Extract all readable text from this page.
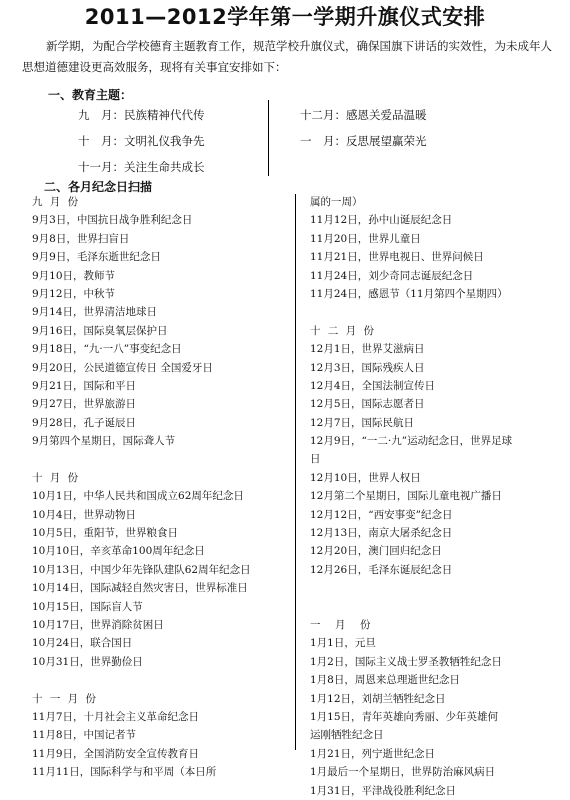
2011—2012学年第一学期升旗仪式安排
新学期，为配合学校德育主题教育工作，规范学校升旗仪式，确保国旗下讲话的实效性，为未成年人思想道德建设更高效服务，现将有关事宜安排如下：
一、教育主题：
九　月：民族精神代代传
十　月：文明礼仪我争先
十一月：关注生命共成长
十二月：感恩关爱品温暖
一　月：反思展望赢荣光
二、各月纪念日扫描
九 月 份
9月3日，中国抗日战争胜利纪念日
9月8日，世界扫盲日
9月9日，毛泽东逝世纪念日
9月10日，教师节
9月12日，中秋节
9月14日，世界清洁地球日
9月16日，国际臭氧层保护日
9月18日，“九·一八”事变纪念日
9月20日，公民道德宣传日 全国爱牙日
9月21日，国际和平日
9月27日，世界旅游日
9月28日，孔子诞辰日
9月第四个星期日，国际聋人节
十 月 份
10月1日，中华人民共和国成立62周年纪念日
10月4日，世界动物日
10月5日，重阳节，世界粮食日
10月10日，辛亥革命100周年纪念日
10月13日，中国少年先锋队建队62周年纪念日
10月14日，国际减轻自然灾害日，世界标准日
10月15日，国际盲人节
10月17日，世界消除贫困日
10月24日，联合国日
10月31日，世界勤俭日
十 一 月 份
11月7日，十月社会主义革命纪念日
11月8日，中国记者节
11月9日，全国消防安全宣传教育日
11月11日，国际科学与和平周（本日所
属的一周）
11月12日，孙中山诞辰纪念日
11月20日，世界儿童日
11月21日，世界电视日、世界问候日
11月24日，刘少奇同志诞辰纪念日
11月24日，感恩节（11月第四个星期四）
十 二 月 份
12月1日，世界艾滋病日
12月3日，国际残疾人日
12月4日，全国法制宣传日
12月5日，国际志愿者日
12月7日，国际民航日
12月9日，“一二·九”运动纪念日，世界足球
日
12月10日，世界人权日
12月第二个星期日，国际儿童电视广播日
12月12日，“西安事变”纪念日
12月13日，南京大屠杀纪念日
12月20日，澳门回归纪念日
12月26日，毛泽东诞辰纪念日
一　月　份
1月1日，元旦
1月2日，国际主义战士罗圣教牺牲纪念日
1月8日，周恩来总理逝世纪念日
1月12日，刘胡兰牺牲纪念日
1月15日，青年英雄向秀丽、少年英雄何
运刚牺牲纪念日
1月21日，列宁逝世纪念日
1月最后一个星期日，世界防治麻风病日
1月31日，平津战役胜利纪念日
